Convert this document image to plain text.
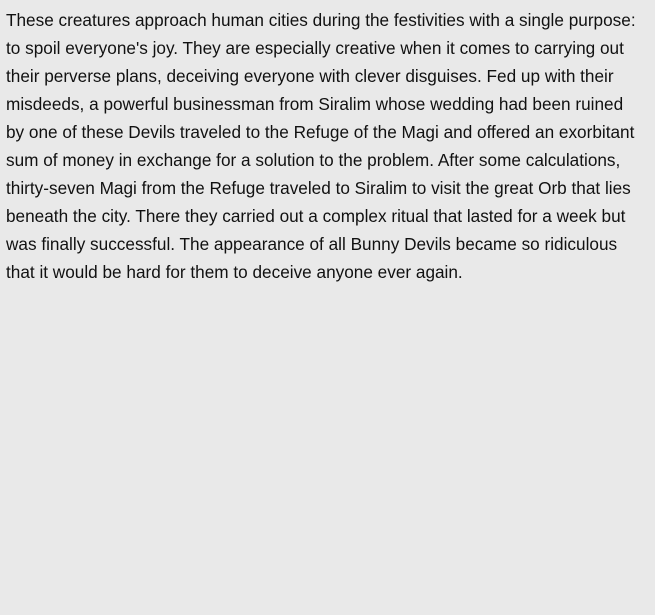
These creatures approach human cities during the festivities with a single purpose: to spoil everyone's joy. They are especially creative when it comes to carrying out their perverse plans, deceiving everyone with clever disguises. Fed up with their misdeeds, a powerful businessman from Siralim whose wedding had been ruined by one of these Devils traveled to the Refuge of the Magi and offered an exorbitant sum of money in exchange for a solution to the problem. After some calculations, thirty-seven Magi from the Refuge traveled to Siralim to visit the great Orb that lies beneath the city. There they carried out a complex ritual that lasted for a week but was finally successful. The appearance of all Bunny Devils became so ridiculous that it would be hard for them to deceive anyone ever again.
